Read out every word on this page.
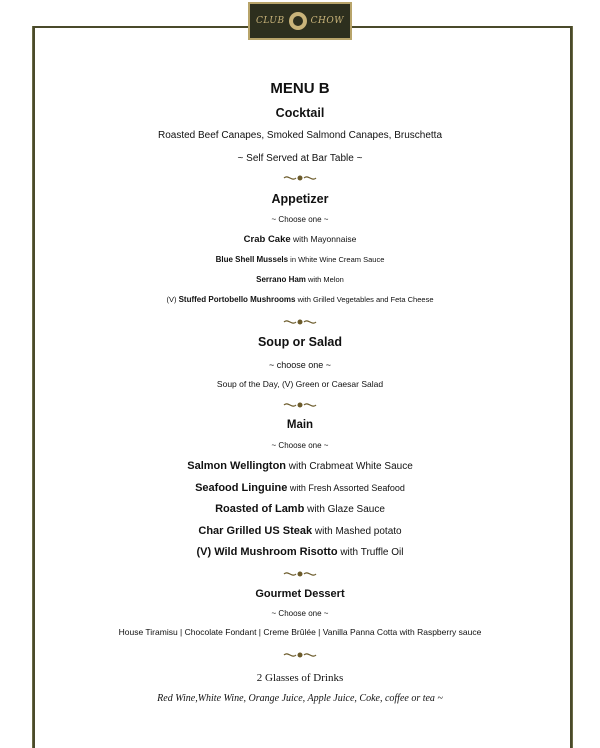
CLUB	CHOW
MENU B
Cocktail
Roasted Beef Canapes, Smoked Salmond Canapes, Bruschetta
~ Self Served at Bar Table ~
Appetizer
~ Choose one ~
Crab Cake with Mayonnaise
Blue Shell Mussels in White Wine Cream Sauce
Serrano Ham with Melon
(V) Stuffed Portobello Mushrooms with Grilled Vegetables and Feta Cheese
Soup or Salad
~ choose one ~
Soup of the Day, (V) Green or Caesar Salad
Main
~ Choose one ~
Salmon Wellington with Crabmeat White Sauce
Seafood Linguine with Fresh Assorted Seafood
Roasted of Lamb with Glaze Sauce
Char Grilled US Steak with Mashed potato
(V) Wild Mushroom Risotto with Truffle Oil
Gourmet Dessert
~ Choose one ~
House Tiramisu | Chocolate Fondant | Creme Brûlée | Vanilla Panna Cotta with Raspberry sauce
2 Glasses of Drinks
Red Wine,White Wine, Orange Juice, Apple Juice, Coke, coffee or tea ~
